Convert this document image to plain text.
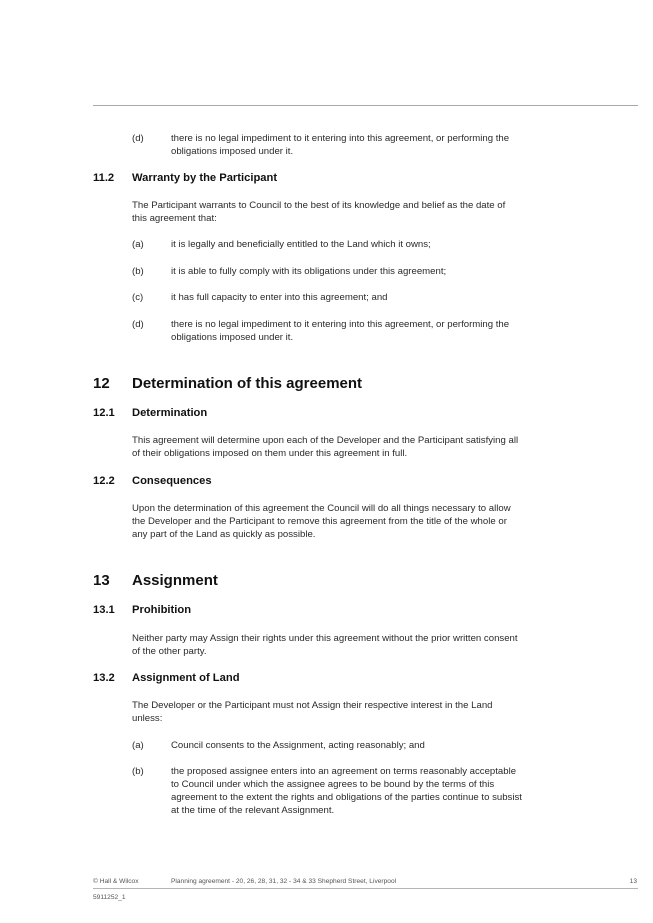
(d)	there is no legal impediment to it entering into this agreement, or performing the
obligations imposed under it.
11.2 Warranty by the Participant
The Participant warrants to Council to the best of its knowledge and belief as the date of
this agreement that:
(a)	it is legally and beneficially entitled to the Land which it owns;
(b)	it is able to fully comply with its obligations under this agreement;
(c)	it has full capacity to enter into this agreement; and
(d)	there is no legal impediment to it entering into this agreement, or performing the
obligations imposed under it.
12 Determination of this agreement
12.1 Determination
This agreement will determine upon each of the Developer and the Participant satisfying all
of their obligations imposed on them under this agreement in full.
12.2 Consequences
Upon the determination of this agreement the Council will do all things necessary to allow
the Developer and the Participant to remove this agreement from the title of the whole or
any part of the Land as quickly as possible.
13 Assignment
13.1 Prohibition
Neither party may Assign their rights under this agreement without the prior written consent
of the other party.
13.2 Assignment of Land
The Developer or the Participant must not Assign their respective interest in the Land
unless:
(a)	Council consents to the Assignment, acting reasonably; and
(b)	the proposed assignee enters into an agreement on terms reasonably acceptable
to Council under which the assignee agrees to be bound by the terms of this
agreement to the extent the rights and obligations of the parties continue to subsist
at the time of the relevant Assignment.
© Hall & Wilcox	Planning agreement - 20, 26, 28, 31, 32 - 34 & 33 Shepherd Street, Liverpool	13
5911252_1
